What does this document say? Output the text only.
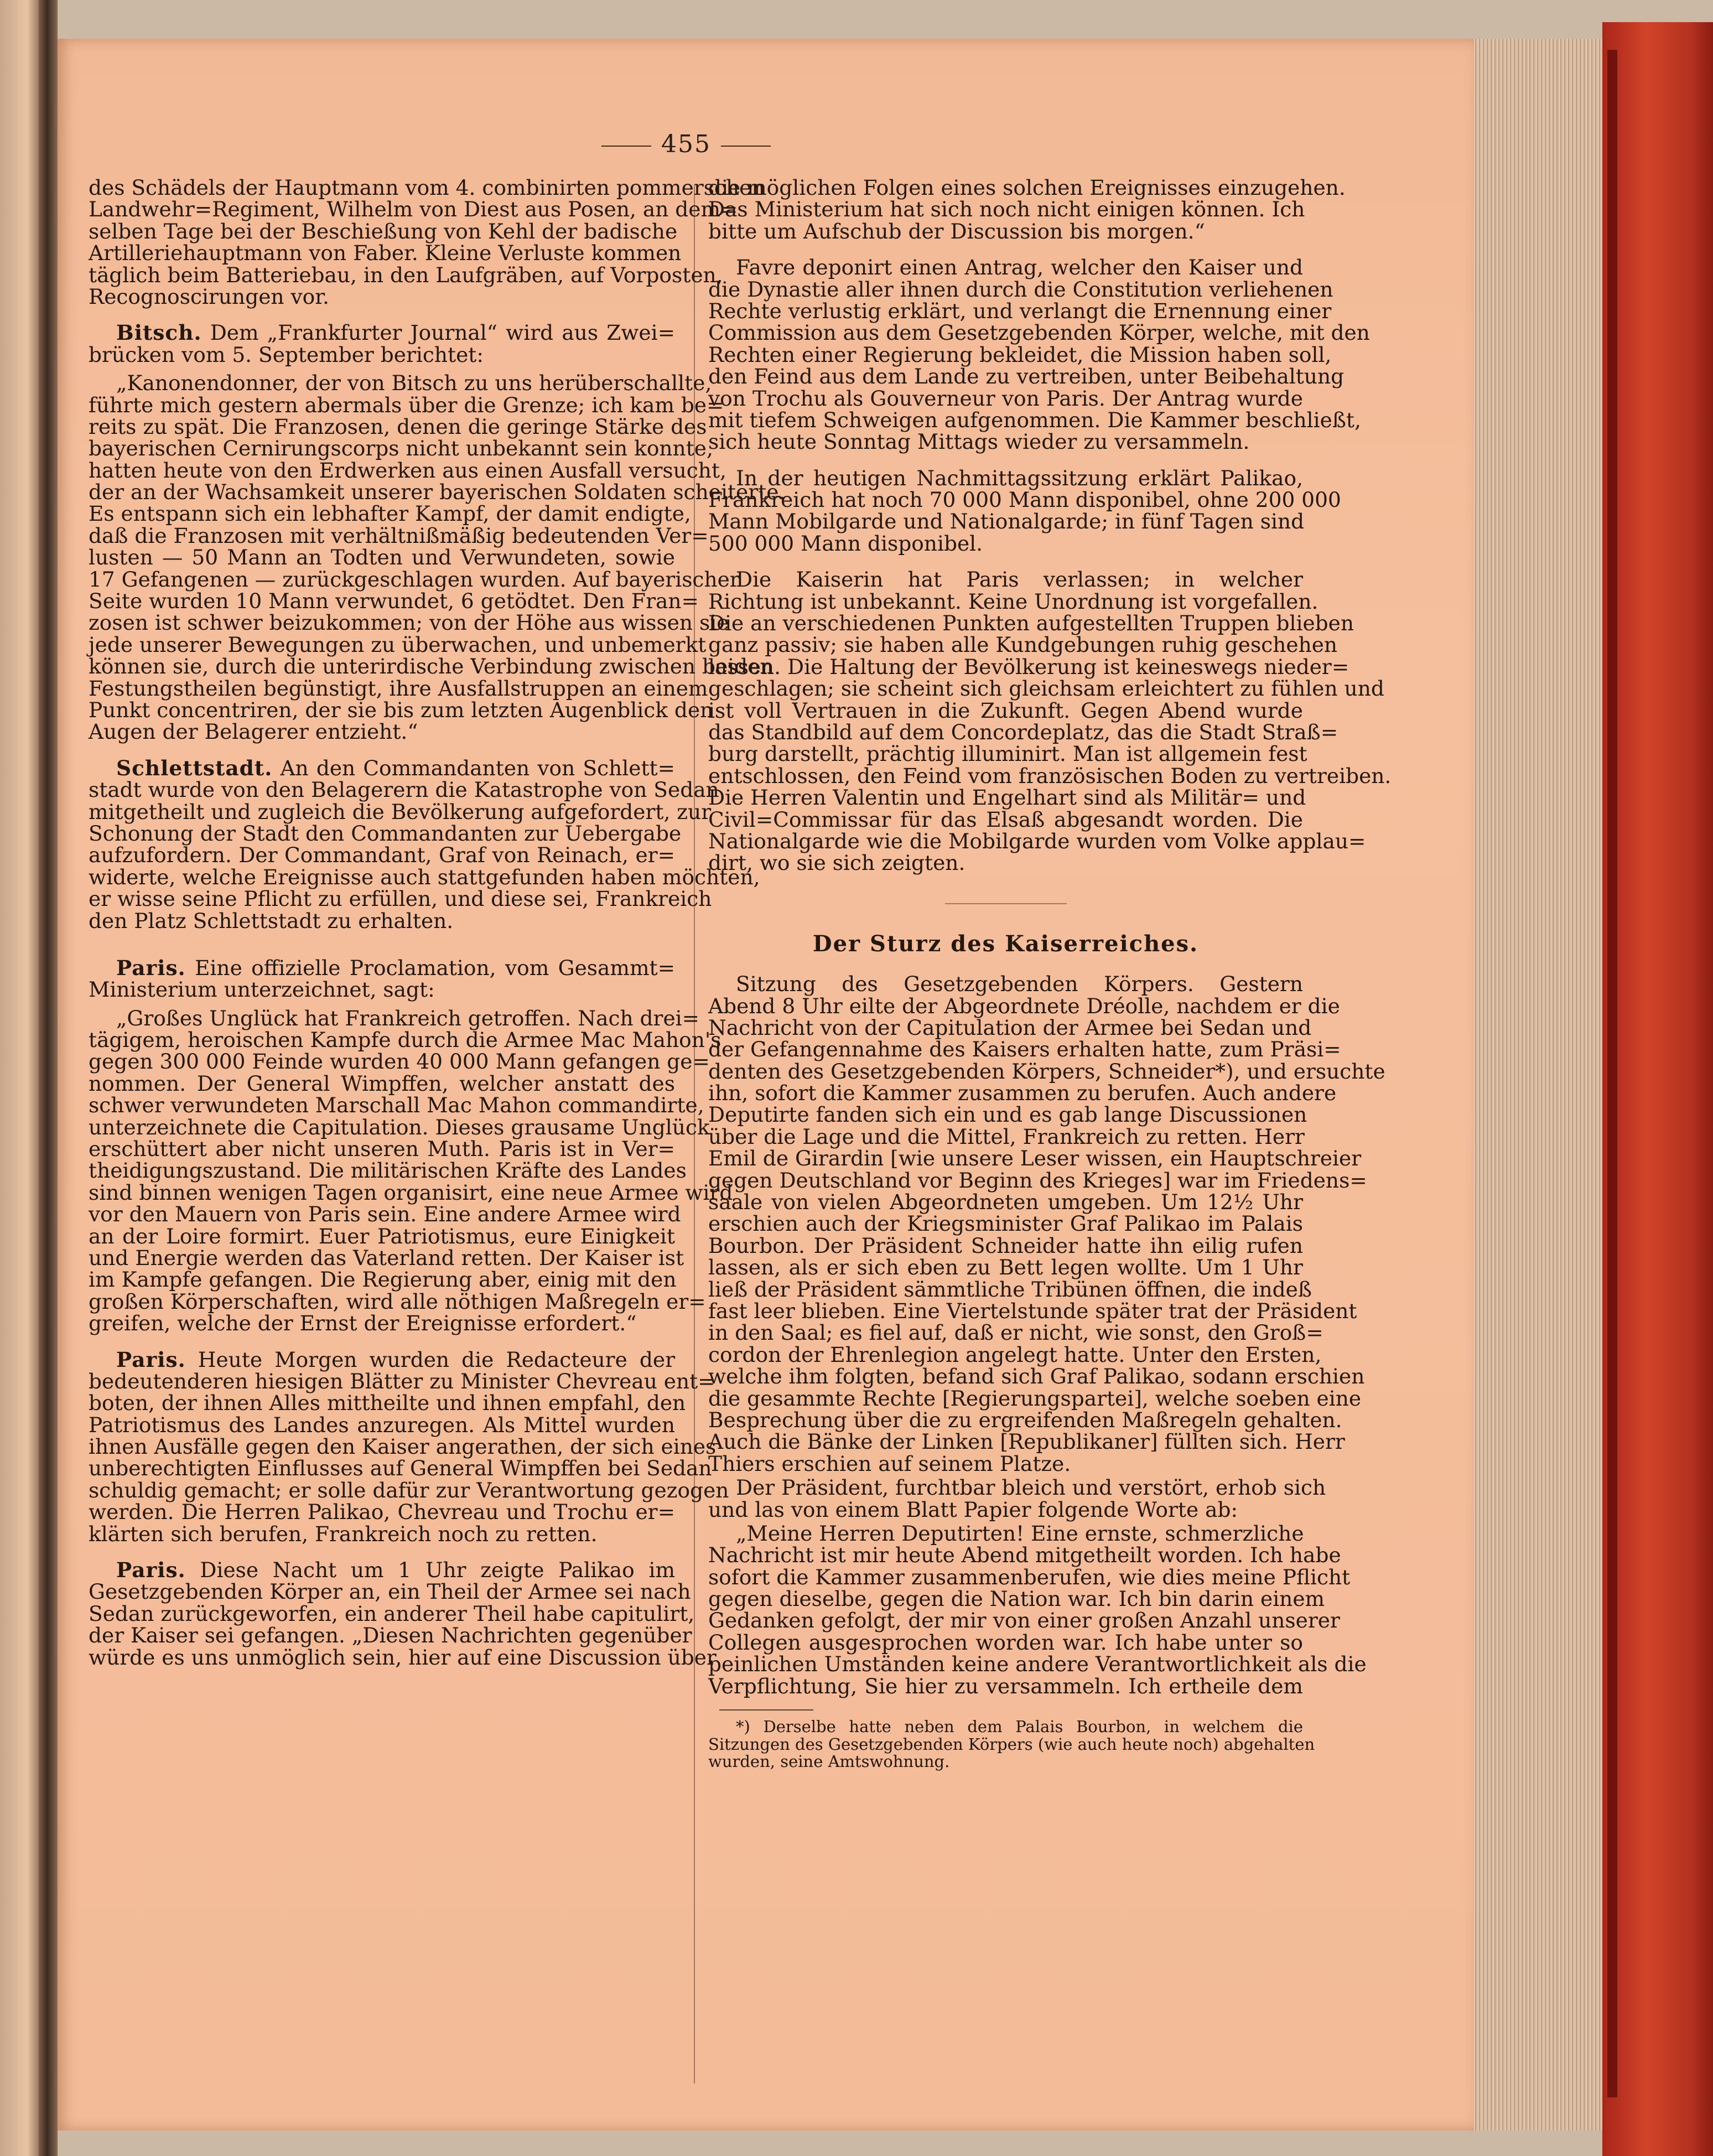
455
des Schädels der Hauptmann vom 4. combinirten pommerschen
Landwehr=Regiment, Wilhelm von Diest aus Posen, an dem=
selben Tage bei der Beschießung von Kehl der badische
Artilleriehauptmann von Faber. Kleine Verluste kommen
täglich beim Batteriebau, in den Laufgräben, auf Vorposten,
Recognoscirungen vor.
Bitsch. Dem „Frankfurter Journal“ wird aus Zwei=
brücken vom 5. September berichtet:
„Kanonendonner, der von Bitsch zu uns herüberschallte,
führte mich gestern abermals über die Grenze; ich kam be=
reits zu spät. Die Franzosen, denen die geringe Stärke des
bayerischen Cernirungscorps nicht unbekannt sein konnte,
hatten heute von den Erdwerken aus einen Ausfall versucht,
der an der Wachsamkeit unserer bayerischen Soldaten scheiterte.
Es entspann sich ein lebhafter Kampf, der damit endigte,
daß die Franzosen mit verhältnißmäßig bedeutenden Ver=
lusten — 50 Mann an Todten und Verwundeten, sowie
17 Gefangenen — zurückgeschlagen wurden. Auf bayerischer
Seite wurden 10 Mann verwundet, 6 getödtet. Den Fran=
zosen ist schwer beizukommen; von der Höhe aus wissen sie
jede unserer Bewegungen zu überwachen, und unbemerkt
können sie, durch die unterirdische Verbindung zwischen beiden
Festungstheilen begünstigt, ihre Ausfallstruppen an einem
Punkt concentriren, der sie bis zum letzten Augenblick den
Augen der Belagerer entzieht.“
Schlettstadt. An den Commandanten von Schlett=
stadt wurde von den Belagerern die Katastrophe von Sedan
mitgetheilt und zugleich die Bevölkerung aufgefordert, zur
Schonung der Stadt den Commandanten zur Uebergabe
aufzufordern. Der Commandant, Graf von Reinach, er=
widerte, welche Ereignisse auch stattgefunden haben möchten,
er wisse seine Pflicht zu erfüllen, und diese sei, Frankreich
den Platz Schlettstadt zu erhalten.
Paris. Eine offizielle Proclamation, vom Gesammt=
Ministerium unterzeichnet, sagt:
„Großes Unglück hat Frankreich getroffen. Nach drei=
tägigem, heroischen Kampfe durch die Armee Mac Mahon's
gegen 300 000 Feinde wurden 40 000 Mann gefangen ge=
nommen. Der General Wimpffen, welcher anstatt des
schwer verwundeten Marschall Mac Mahon commandirte,
unterzeichnete die Capitulation. Dieses grausame Unglück
erschüttert aber nicht unseren Muth. Paris ist in Ver=
theidigungszustand. Die militärischen Kräfte des Landes
sind binnen wenigen Tagen organisirt, eine neue Armee wird
vor den Mauern von Paris sein. Eine andere Armee wird
an der Loire formirt. Euer Patriotismus, eure Einigkeit
und Energie werden das Vaterland retten. Der Kaiser ist
im Kampfe gefangen. Die Regierung aber, einig mit den
großen Körperschaften, wird alle nöthigen Maßregeln er=
greifen, welche der Ernst der Ereignisse erfordert.“
Paris. Heute Morgen wurden die Redacteure der
bedeutenderen hiesigen Blätter zu Minister Chevreau ent=
boten, der ihnen Alles mittheilte und ihnen empfahl, den
Patriotismus des Landes anzuregen. Als Mittel wurden
ihnen Ausfälle gegen den Kaiser angerathen, der sich eines
unberechtigten Einflusses auf General Wimpffen bei Sedan
schuldig gemacht; er solle dafür zur Verantwortung gezogen
werden. Die Herren Palikao, Chevreau und Trochu er=
klärten sich berufen, Frankreich noch zu retten.
Paris. Diese Nacht um 1 Uhr zeigte Palikao im
Gesetzgebenden Körper an, ein Theil der Armee sei nach
Sedan zurückgeworfen, ein anderer Theil habe capitulirt,
der Kaiser sei gefangen. „Diesen Nachrichten gegenüber
würde es uns unmöglich sein, hier auf eine Discussion über
die möglichen Folgen eines solchen Ereignisses einzugehen.
Das Ministerium hat sich noch nicht einigen können. Ich
bitte um Aufschub der Discussion bis morgen.“
Favre deponirt einen Antrag, welcher den Kaiser und
die Dynastie aller ihnen durch die Constitution verliehenen
Rechte verlustig erklärt, und verlangt die Ernennung einer
Commission aus dem Gesetzgebenden Körper, welche, mit den
Rechten einer Regierung bekleidet, die Mission haben soll,
den Feind aus dem Lande zu vertreiben, unter Beibehaltung
von Trochu als Gouverneur von Paris. Der Antrag wurde
mit tiefem Schweigen aufgenommen. Die Kammer beschließt,
sich heute Sonntag Mittags wieder zu versammeln.
In der heutigen Nachmittagssitzung erklärt Palikao,
Frankreich hat noch 70 000 Mann disponibel, ohne 200 000
Mann Mobilgarde und Nationalgarde; in fünf Tagen sind
500 000 Mann disponibel.
Die Kaiserin hat Paris verlassen; in welcher
Richtung ist unbekannt. Keine Unordnung ist vorgefallen.
Die an verschiedenen Punkten aufgestellten Truppen blieben
ganz passiv; sie haben alle Kundgebungen ruhig geschehen
lassen. Die Haltung der Bevölkerung ist keineswegs nieder=
geschlagen; sie scheint sich gleichsam erleichtert zu fühlen und
ist voll Vertrauen in die Zukunft. Gegen Abend wurde
das Standbild auf dem Concordeplatz, das die Stadt Straß=
burg darstellt, prächtig illuminirt. Man ist allgemein fest
entschlossen, den Feind vom französischen Boden zu vertreiben.
Die Herren Valentin und Engelhart sind als Militär= und
Civil=Commissar für das Elsaß abgesandt worden. Die
Nationalgarde wie die Mobilgarde wurden vom Volke applau=
dirt, wo sie sich zeigten.
Der Sturz des Kaiserreiches.
Sitzung des Gesetzgebenden Körpers. Gestern
Abend 8 Uhr eilte der Abgeordnete Dréolle, nachdem er die
Nachricht von der Capitulation der Armee bei Sedan und
der Gefangennahme des Kaisers erhalten hatte, zum Präsi=
denten des Gesetzgebenden Körpers, Schneider*), und ersuchte
ihn, sofort die Kammer zusammen zu berufen. Auch andere
Deputirte fanden sich ein und es gab lange Discussionen
über die Lage und die Mittel, Frankreich zu retten. Herr
Emil de Girardin [wie unsere Leser wissen, ein Hauptschreier
gegen Deutschland vor Beginn des Krieges] war im Friedens=
saale von vielen Abgeordneten umgeben. Um 12½ Uhr
erschien auch der Kriegsminister Graf Palikao im Palais
Bourbon. Der Präsident Schneider hatte ihn eilig rufen
lassen, als er sich eben zu Bett legen wollte. Um 1 Uhr
ließ der Präsident sämmtliche Tribünen öffnen, die indeß
fast leer blieben. Eine Viertelstunde später trat der Präsident
in den Saal; es fiel auf, daß er nicht, wie sonst, den Groß=
cordon der Ehrenlegion angelegt hatte. Unter den Ersten,
welche ihm folgten, befand sich Graf Palikao, sodann erschien
die gesammte Rechte [Regierungspartei], welche soeben eine
Besprechung über die zu ergreifenden Maßregeln gehalten.
Auch die Bänke der Linken [Republikaner] füllten sich. Herr
Thiers erschien auf seinem Platze.
Der Präsident, furchtbar bleich und verstört, erhob sich
und las von einem Blatt Papier folgende Worte ab:
„Meine Herren Deputirten! Eine ernste, schmerzliche
Nachricht ist mir heute Abend mitgetheilt worden. Ich habe
sofort die Kammer zusammenberufen, wie dies meine Pflicht
gegen dieselbe, gegen die Nation war. Ich bin darin einem
Gedanken gefolgt, der mir von einer großen Anzahl unserer
Collegen ausgesprochen worden war. Ich habe unter so
peinlichen Umständen keine andere Verantwortlichkeit als die
Verpflichtung, Sie hier zu versammeln. Ich ertheile dem
*) Derselbe hatte neben dem Palais Bourbon, in welchem die
Sitzungen des Gesetzgebenden Körpers (wie auch heute noch) abgehalten
wurden, seine Amtswohnung.
